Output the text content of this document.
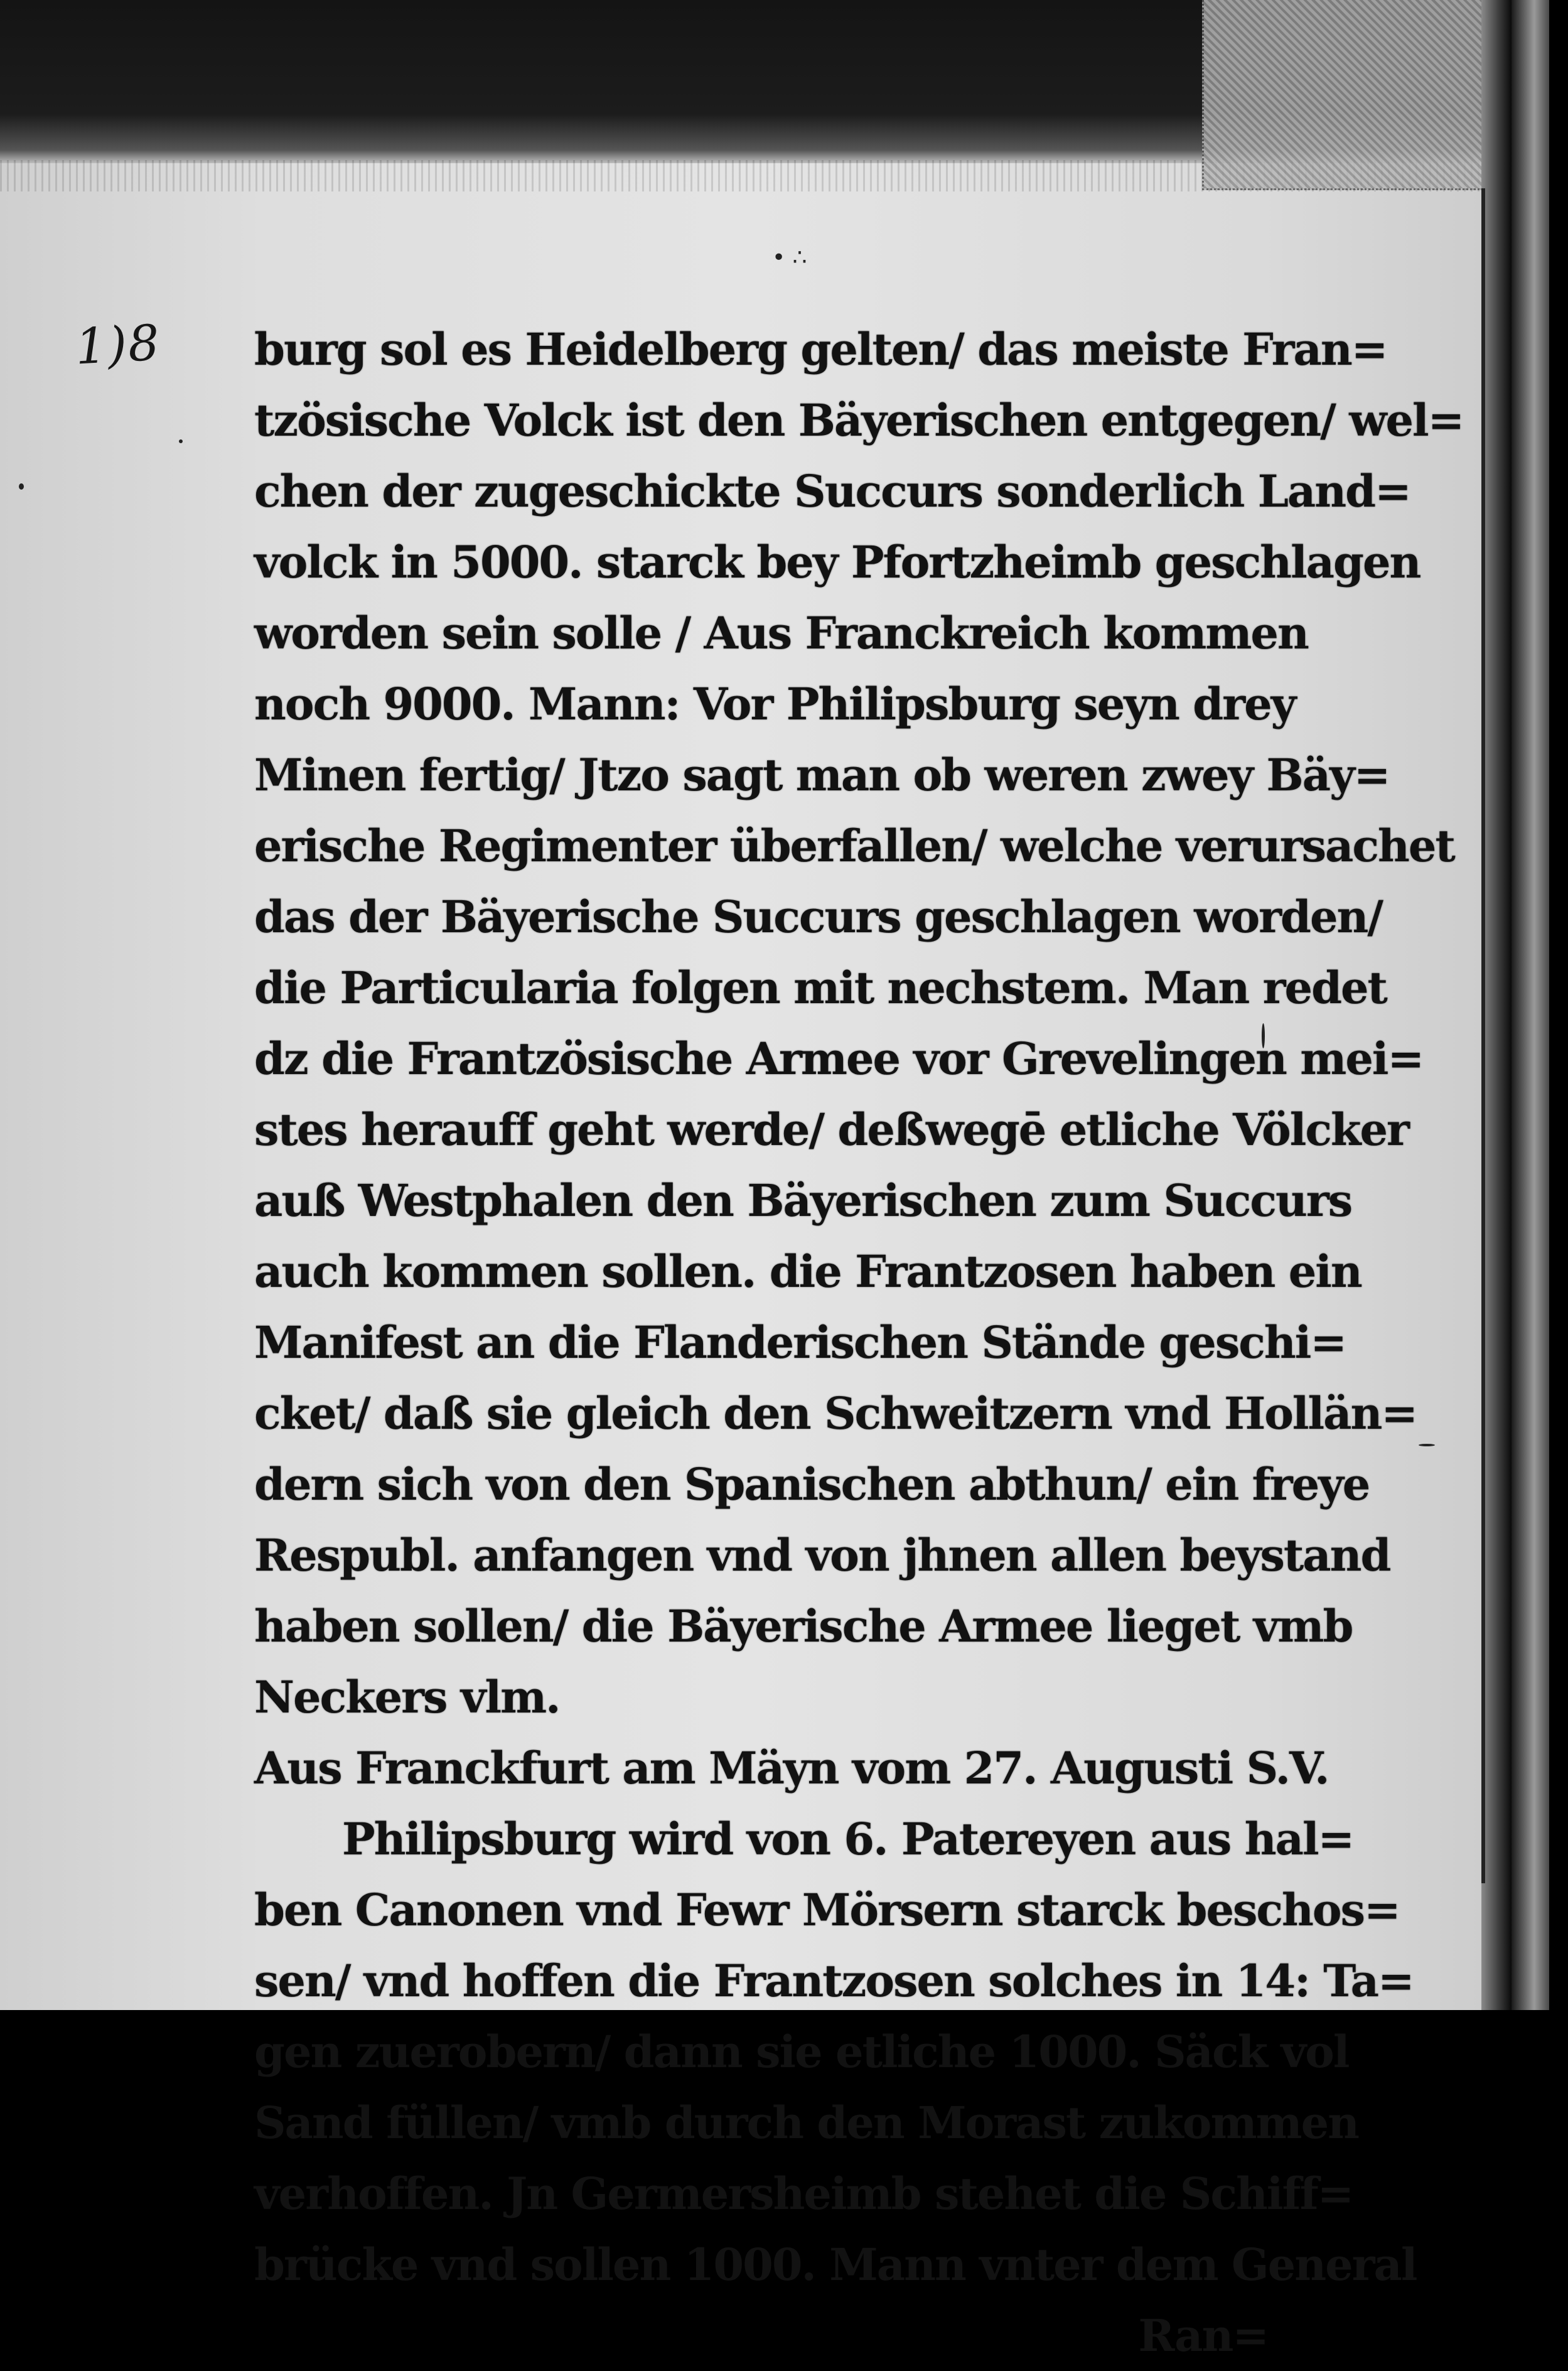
1)8
• ∴
burg sol es Heidelberg gelten/ das meiste Fran=
tzösische Volck ist den Bäyerischen entgegen/ wel=
chen der zugeschickte Succurs sonderlich Land=
volck in 5000. starck bey Pfortzheimb geschlagen
worden sein solle / Aus Franckreich kommen
noch 9000. Mann: Vor Philipsburg seyn drey
Minen fertig/ Jtzo sagt man ob weren zwey Bäy=
erische Regimenter überfallen/ welche verursachet
das der Bäyerische Succurs geschlagen worden/
die Particularia folgen mit nechstem. Man redet
dz die Frantzösische Armee vor Grevelingen mei=
stes herauff geht werde/ deßwegē etliche Völcker
auß Westphalen den Bäyerischen zum Succurs
auch kommen sollen. die Frantzosen haben ein
Manifest an die Flanderischen Stände geschi=
cket/ daß sie gleich den Schweitzern vnd Hollän=
dern sich von den Spanischen abthun/ ein freye
Respubl. anfangen vnd von jhnen allen beystand
haben sollen/ die Bäyerische Armee lieget vmb
Neckers vlm.
Aus Franckfurt am Mäyn vom 27. Augusti S.V.
Philipsburg wird von 6. Patereyen aus hal=
ben Canonen vnd Fewr Mörsern starck beschos=
sen/ vnd hoffen die Frantzosen solches in 14: Ta=
gen zuerobern/ dann sie etliche 1000. Säck vol
Sand füllen/ vmb durch den Morast zukommen
verhoffen. Jn Germersheimb stehet die Schiff=
brücke vnd sollen 1000. Mann vnter dem General
Ran=
